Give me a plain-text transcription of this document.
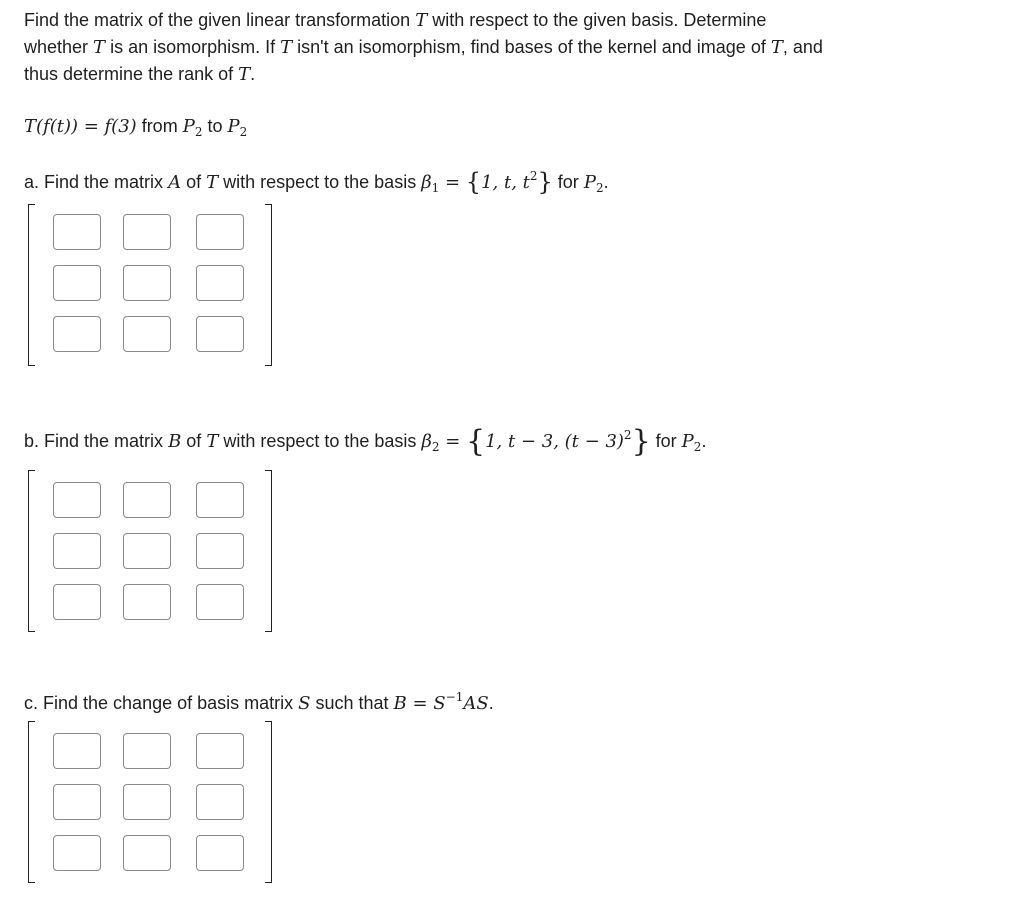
Find the matrix of the given linear transformation T with respect to the given basis. Determine
whether T is an isomorphism. If T isn't an isomorphism, find bases of the kernel and image of T, and
thus determine the rank of T.
T(f(t)) = f(3) from $P_2$ to $P_2$
a. Find the matrix A of T with respect to the basis $\beta_1 = \{1$, t, $t^2$} for $P_2$.
b. Find the matrix B of T with respect to the basis $\beta_2 = \{1$, t − 3, $(t - 3)^2$} for $P_2$.
c. Find the change of basis matrix S such that $B = S^{-1}AS$.
